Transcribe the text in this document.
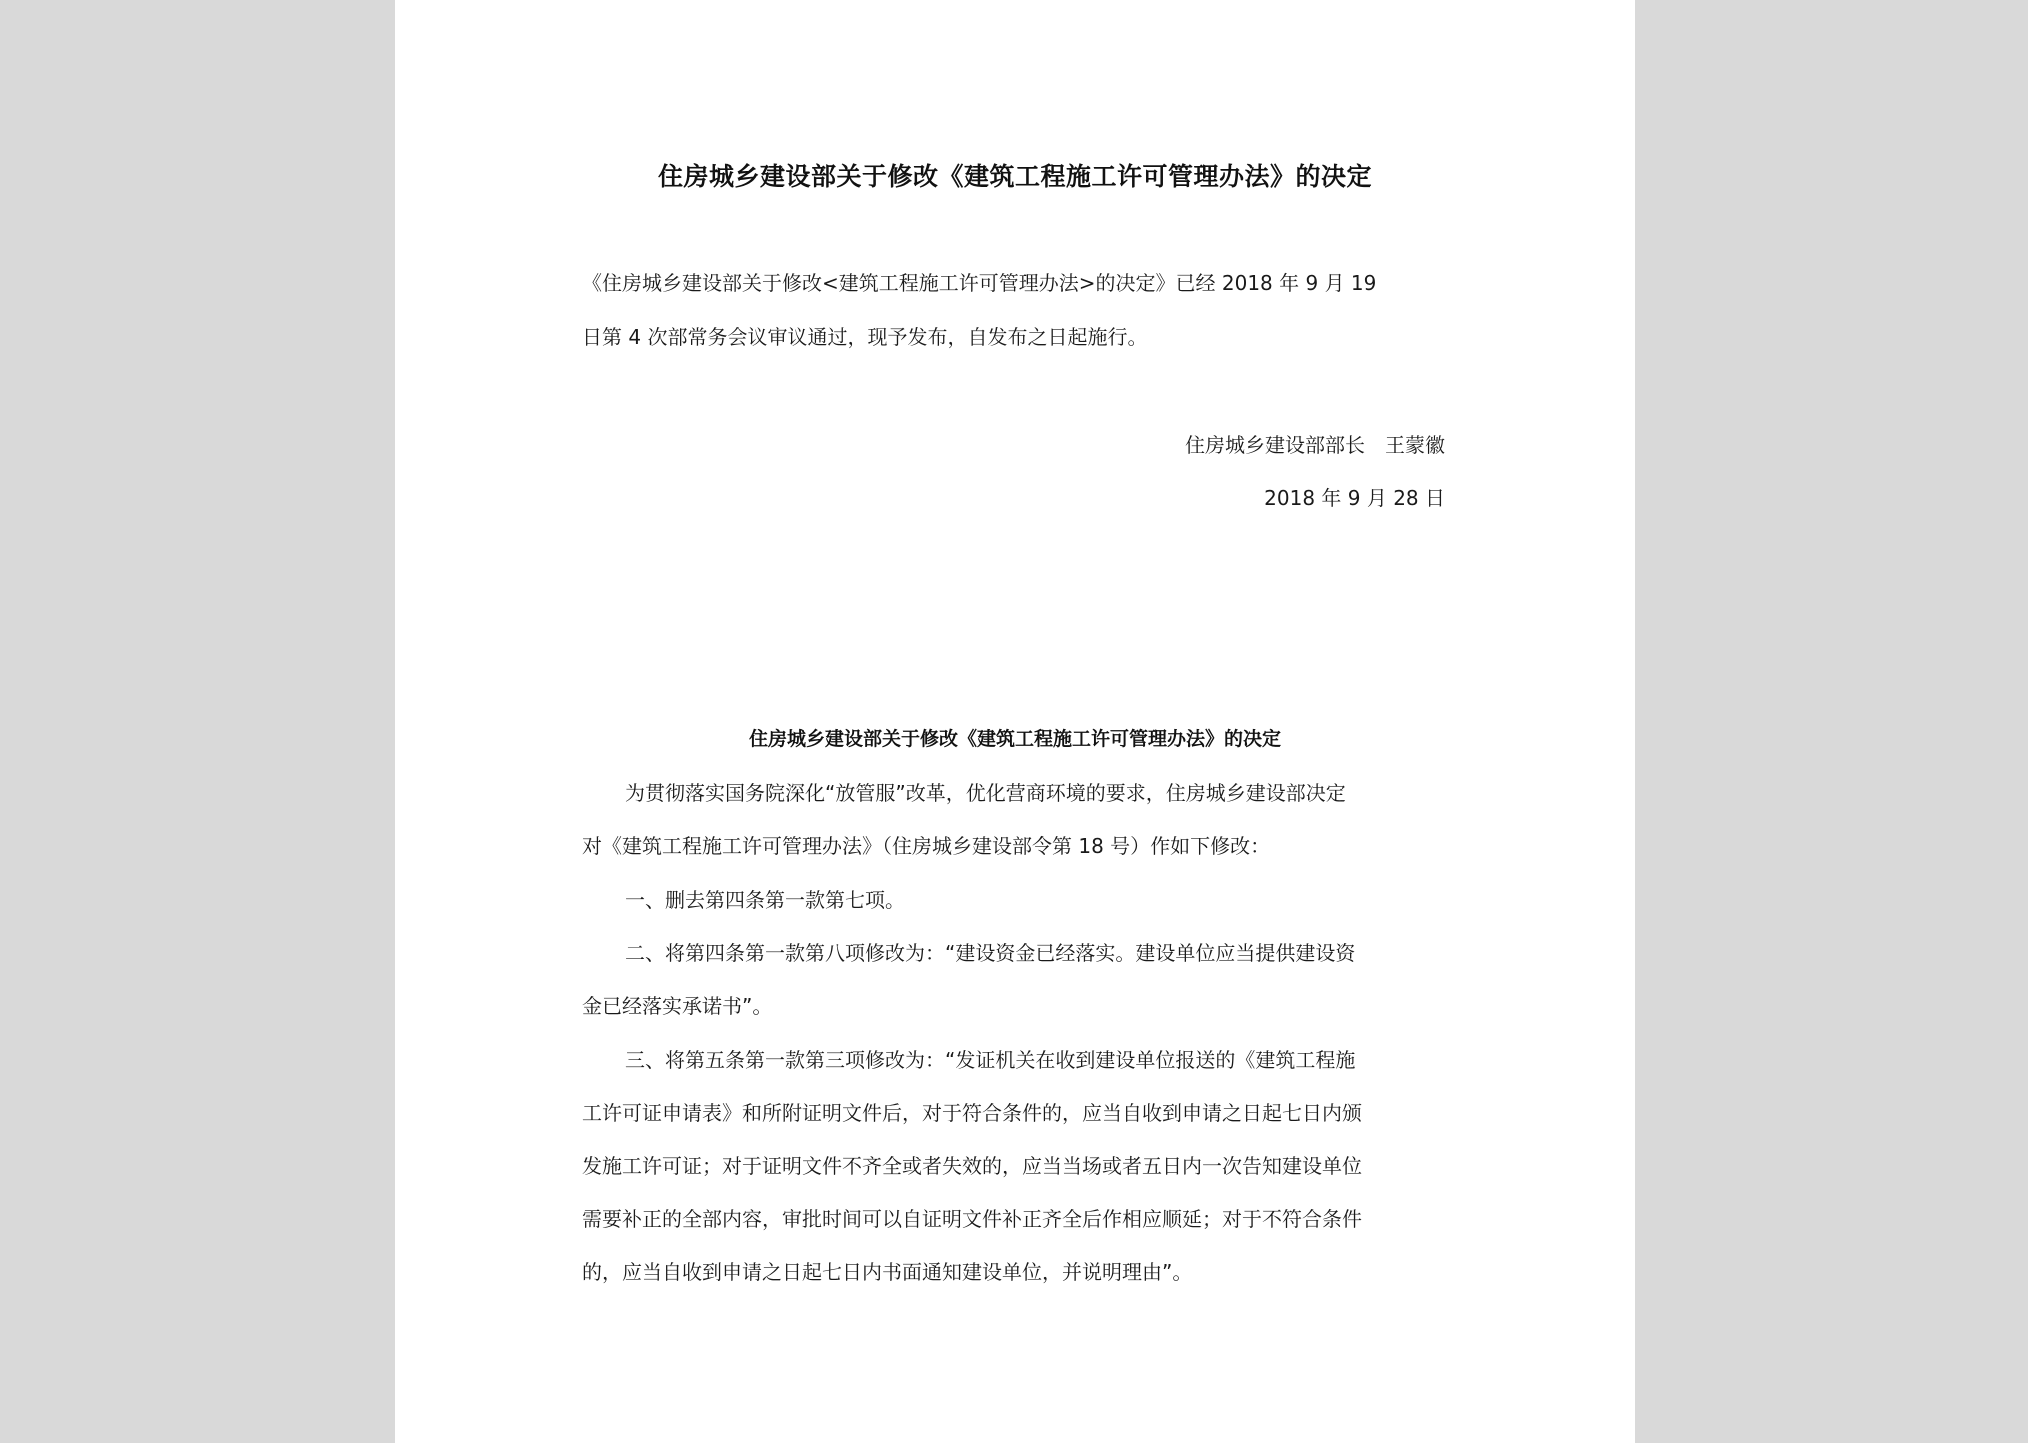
住房城乡建设部关于修改《建筑工程施工许可管理办法》的决定
《住房城乡建设部关于修改<建筑工程施工许可管理办法>的决定》已经 2018 年 9 月 19
日第 4 次部常务会议审议通过，现予发布，自发布之日起施行。
住房城乡建设部部长　王蒙徽
2018 年 9 月 28 日
住房城乡建设部关于修改《建筑工程施工许可管理办法》的决定
为贯彻落实国务院深化“放管服”改革，优化营商环境的要求，住房城乡建设部决定
对《建筑工程施工许可管理办法》（住房城乡建设部令第 18 号）作如下修改：
一、删去第四条第一款第七项。
二、将第四条第一款第八项修改为：“建设资金已经落实。建设单位应当提供建设资
金已经落实承诺书”。
三、将第五条第一款第三项修改为：“发证机关在收到建设单位报送的《建筑工程施
工许可证申请表》和所附证明文件后，对于符合条件的，应当自收到申请之日起七日内颁
发施工许可证；对于证明文件不齐全或者失效的，应当当场或者五日内一次告知建设单位
需要补正的全部内容，审批时间可以自证明文件补正齐全后作相应顺延；对于不符合条件
的，应当自收到申请之日起七日内书面通知建设单位，并说明理由”。
